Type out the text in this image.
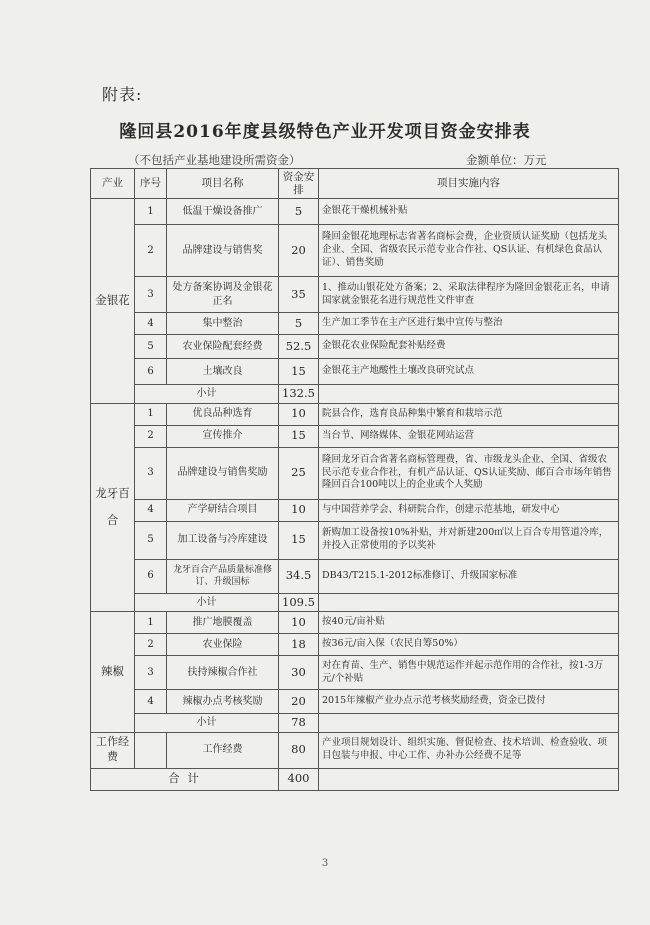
附表:
隆回县2016年度县级特色产业开发项目资金安排表
（不包括产业基地建设所需资金）	金额单位：万元
产业	序号	项目名称	资金安排	项目实施内容
金银花	1	低温干燥设备推广	5	金银花干燥机械补贴
	2	品牌建设与销售奖	20	隆回金银花地理标志省著名商标会费，企业资质认证奖励（包括龙头企业、全国、省级农民示范专业合作社、QS认证、有机绿色食品认证）、销售奖励
	3	处方备案协调及金银花正名	35	1、推动山银花处方备案；2、采取法律程序为隆回金银花正名，申请国家就金银花名进行规范性文件审查
	4	集中整治	5	生产加工季节在主产区进行集中宣传与整治
	5	农业保险配套经费	52.5	金银花农业保险配套补贴经费
	6	土壤改良	15	金银花主产地酸性土壤改良研究试点
	小计		132.5	
龙牙百合	1	优良品种选育	10	院县合作，选育良品种集中繁育和栽培示范
	2	宣传推介	15	当台节、网络媒体、金银花网站运营
	3	品牌建设与销售奖励	25	隆回龙牙百合省著名商标管理费，省、市级龙头企业、全国、省级农民示范专业合作社，有机产品认证、QS认证奖励、邮百合市场年销售隆回百合100吨以上的企业或个人奖励
	4	产学研结合项目	10	与中国营养学会、科研院合作，创建示范基地，研发中心
	5	加工设备与冷库建设	15	新购加工设备按10%补贴，并对新建200㎡以上百合专用管道冷库，并投入正常使用的予以奖补
	6	龙牙百合产品质量标准修订、升级国标	34.5	DB43/T215.1-2012标准修订、升级国家标准
	小计		109.5	
辣椒	1	推广地膜覆盖	10	按40元/亩补贴
	2	农业保险	18	按36元/亩入保（农民自筹50%）
	3	扶持辣椒合作社	30	对在育苗、生产、销售中规范运作并起示范作用的合作社，按1-3万元/个补贴
	4	辣椒办点考核奖励	20	2015年辣椒产业办点示范考核奖励经费，资金已拨付
	小计		78	
工作经费		工作经费	80	产业项目规划设计、组织实施、督促检查、技术培训、检查验收、项目包装与申报、中心工作、办补办公经费不足等
合 计			400	
3
